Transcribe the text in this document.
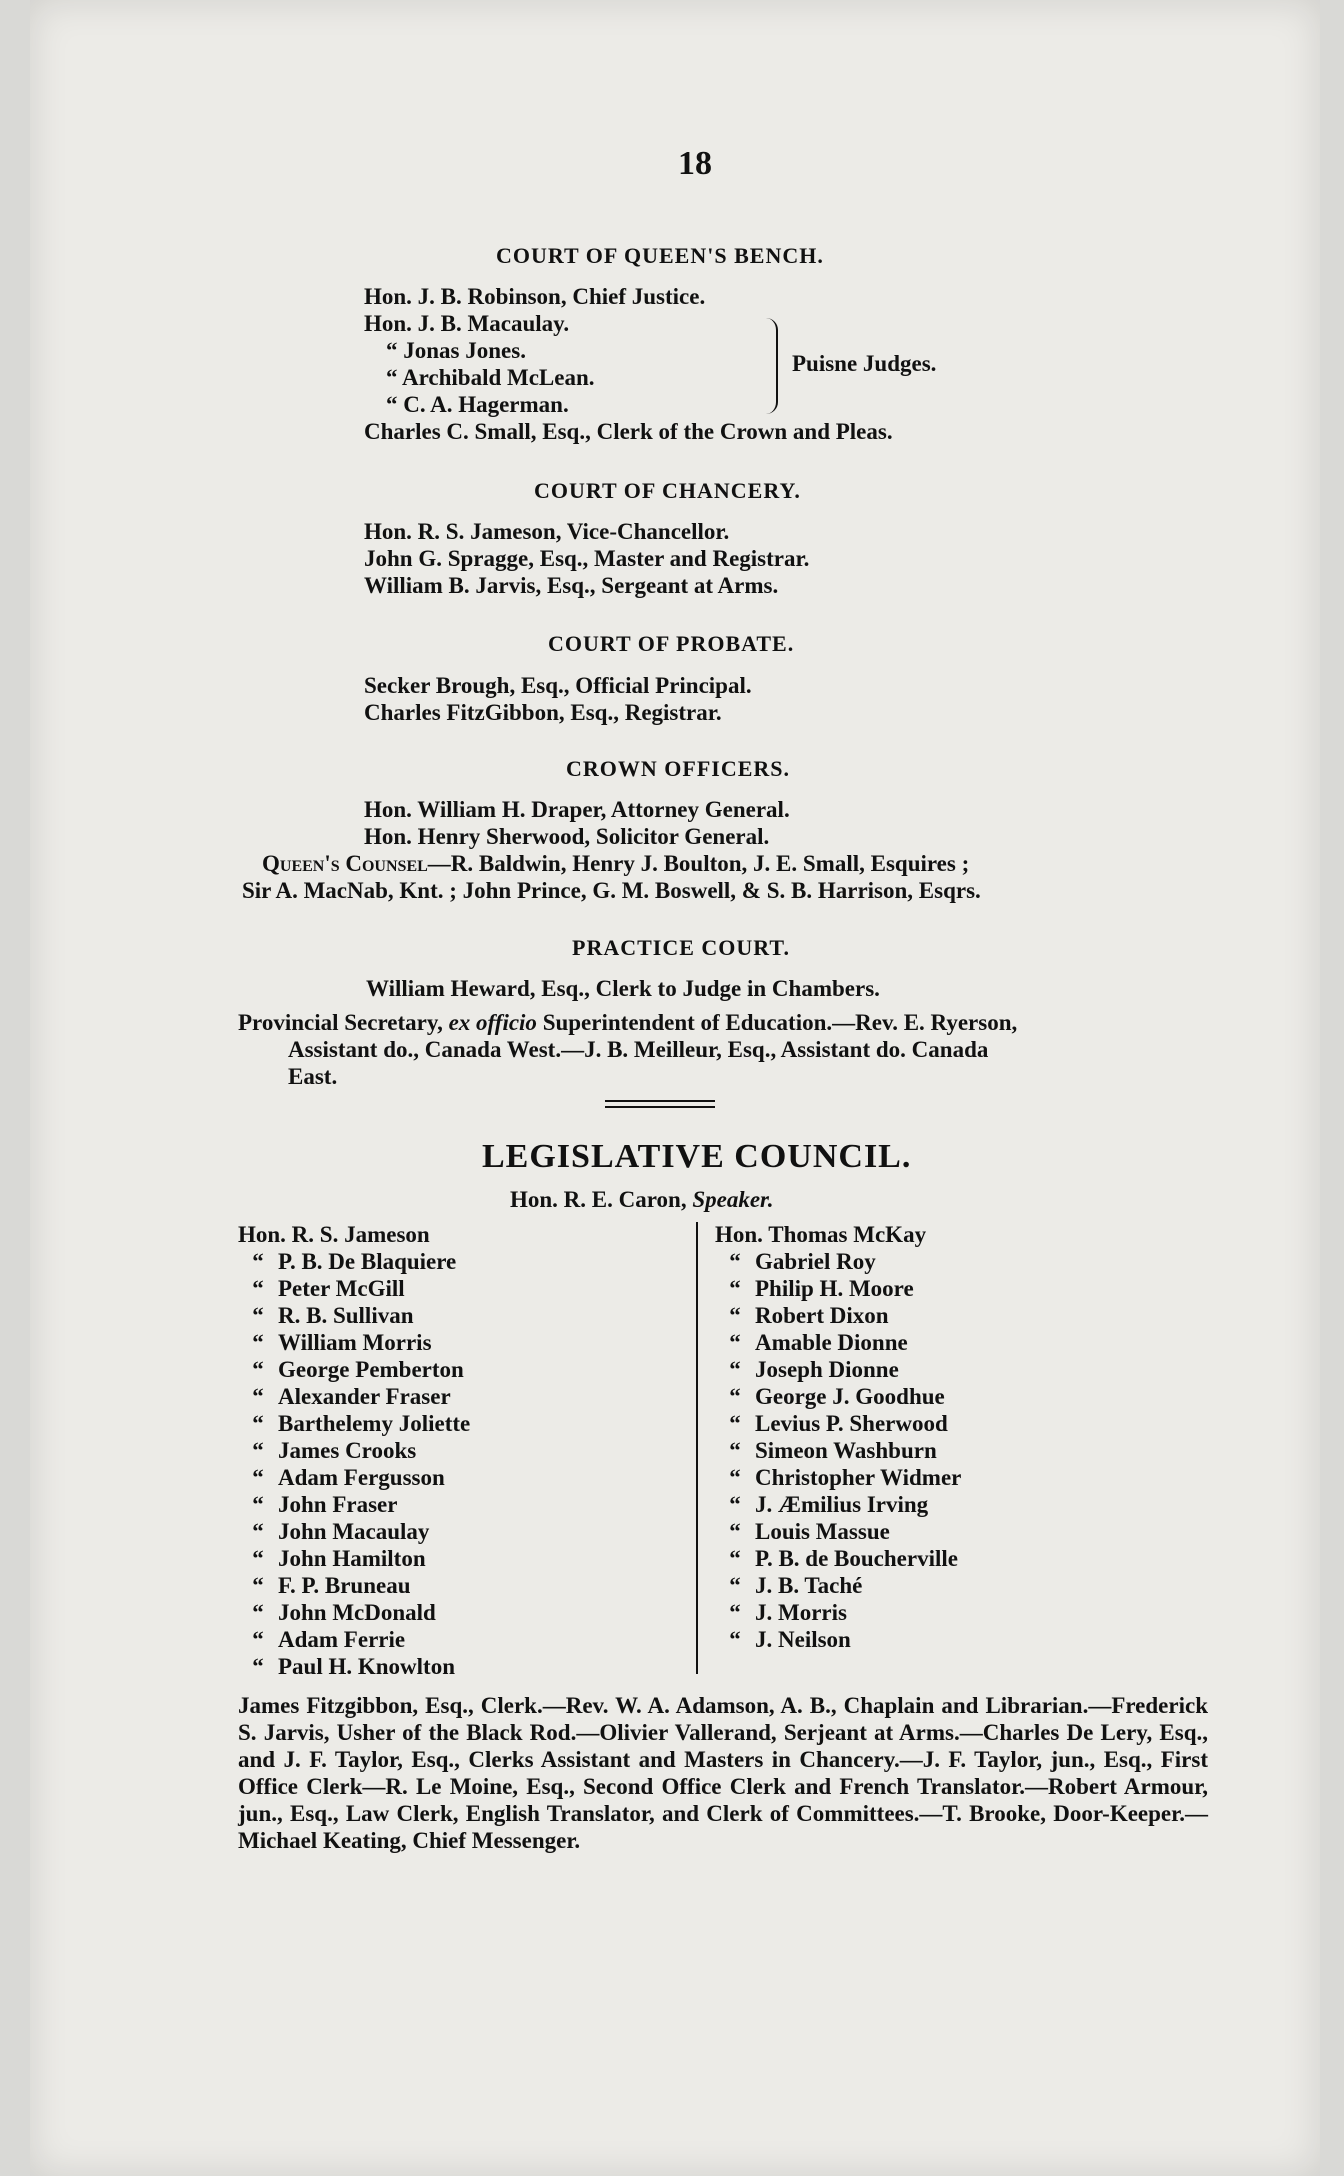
18
COURT OF QUEEN'S BENCH.
Hon. J. B. Robinson, Chief Justice.
Hon. J. B. Macaulay.
“ Jonas Jones.
“ Archibald McLean.
“ C. A. Hagerman.
Puisne Judges.
Charles C. Small, Esq., Clerk of the Crown and Pleas.
COURT OF CHANCERY.
Hon. R. S. Jameson, Vice-Chancellor.
John G. Spragge, Esq., Master and Registrar.
William B. Jarvis, Esq., Sergeant at Arms.
COURT OF PROBATE.
Secker Brough, Esq., Official Principal.
Charles FitzGibbon, Esq., Registrar.
CROWN OFFICERS.
Hon. William H. Draper, Attorney General.
Hon. Henry Sherwood, Solicitor General.
Queen's Counsel—R. Baldwin, Henry J. Boulton, J. E. Small, Esquires ;
Sir A. MacNab, Knt. ; John Prince, G. M. Boswell, & S. B. Harrison, Esqrs.
PRACTICE COURT.
William Heward, Esq., Clerk to Judge in Chambers.
Provincial Secretary, ex officio Superintendent of Education.—Rev. E. Ryerson,
Assistant do., Canada West.—J. B. Meilleur, Esq., Assistant do. Canada
East.
LEGISLATIVE COUNCIL.
Hon. R. E. Caron, Speaker.
Hon. R. S. Jameson
“ P. B. De Blaquiere
“ Peter McGill
“ R. B. Sullivan
“ William Morris
“ George Pemberton
“ Alexander Fraser
“ Barthelemy Joliette
“ James Crooks
“ Adam Fergusson
“ John Fraser
“ John Macaulay
“ John Hamilton
“ F. P. Bruneau
“ John McDonald
“ Adam Ferrie
“ Paul H. Knowlton
Hon. Thomas McKay
“ Gabriel Roy
“ Philip H. Moore
“ Robert Dixon
“ Amable Dionne
“ Joseph Dionne
“ George J. Goodhue
“ Levius P. Sherwood
“ Simeon Washburn
“ Christopher Widmer
“ J. Æmilius Irving
“ Louis Massue
“ P. B. de Boucherville
“ J. B. Taché
“ J. Morris
“ J. Neilson
James Fitzgibbon, Esq., Clerk.—Rev. W. A. Adamson, A. B., Chaplain and Librarian.—Frederick S. Jarvis, Usher of the Black Rod.—Olivier Vallerand, Serjeant at Arms.—Charles De Lery, Esq., and J. F. Taylor, Esq., Clerks Assistant and Masters in Chancery.—J. F. Taylor, jun., Esq., First Office Clerk—R. Le Moine, Esq., Second Office Clerk and French Translator.—Robert Armour, jun., Esq., Law Clerk, English Translator, and Clerk of Committees.—T. Brooke, Door-Keeper.—Michael Keating, Chief Messenger.
